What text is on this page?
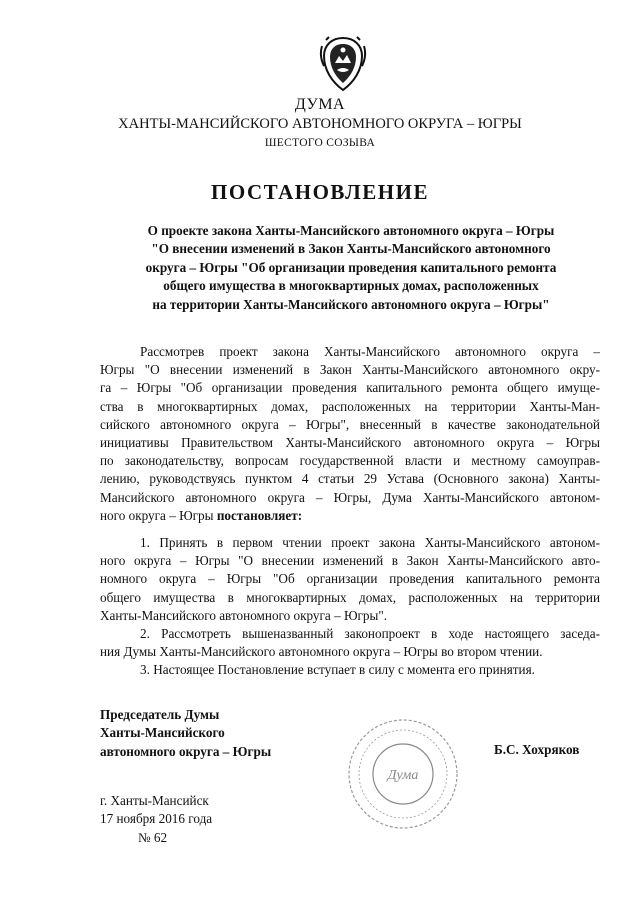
ДУМА
ХАНТЫ-МАНСИЙСКОГО АВТОНОМНОГО ОКРУГА – ЮГРЫ
ШЕСТОГО СОЗЫВА
ПОСТАНОВЛЕНИЕ
О проекте закона Ханты-Мансийского автономного округа – Югры
"О внесении изменений в Закон Ханты-Мансийского автономного
округа – Югры "Об организации проведения капитального ремонта
общего имущества в многоквартирных домах, расположенных
на территории Ханты-Мансийского автономного округа – Югры"
Рассмотрев проект закона Ханты-Мансийского автономного округа –
Югры "О внесении изменений в Закон Ханты-Мансийского автономного окру-
га – Югры "Об организации проведения капитального ремонта общего имуще-
ства в многоквартирных домах, расположенных на территории Ханты-Ман-
сийского автономного округа – Югры", внесенный в качестве законодательной
инициативы Правительством Ханты-Мансийского автономного округа – Югры
по законодательству, вопросам государственной власти и местному самоуправ-
лению, руководствуясь пунктом 4 статьи 29 Устава (Основного закона) Ханты-
Мансийского автономного округа – Югры, Дума Ханты-Мансийского автоном-
ного округа – Югры постановляет:
1. Принять в первом чтении проект закона Ханты-Мансийского автоном-
ного округа – Югры "О внесении изменений в Закон Ханты-Мансийского авто-
номного округа – Югры "Об организации проведения капитального ремонта
общего имущества в многоквартирных домах, расположенных на территории
Ханты-Мансийского автономного округа – Югры".
2. Рассмотреть вышеназванный законопроект в ходе настоящего заседа-
ния Думы Ханты-Мансийского автономного округа – Югры во втором чтении.
3. Настоящее Постановление вступает в силу с момента его принятия.
Председатель Думы
Ханты-Мансийского
автономного округа – Югры
Дума
Б.С. Хохряков
г. Ханты-Мансийск
17 ноября 2016 года
№ 62
